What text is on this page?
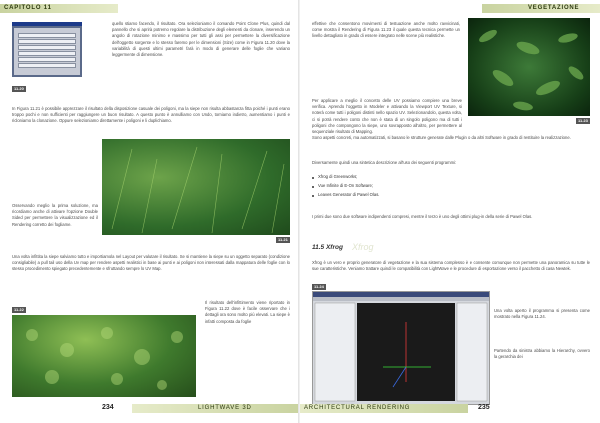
CAPITOLO 11
11.20

quello stiamo facendo, il risultato. Ora selezioniamo il comando Point Clone Plus, quindi dal pannello che si aprirà potremo regolare la distribuzione degli elementi da clonare, inserendo un angolo di rotazione minimo e massimo per tutti gli assi per permettere la diversificazione dell'oggetto sorgente e lo stesso faremo per le dimensioni (Size) come in Figura 11.20 dove la variabilità di questi ultimi parametri farà in modo di generare delle foglie che variano leggermente di dimensione.

In Figura 11.21 è possibile apprezzare il risultato della disposizione casuale dei poligoni, ma la siepe non risulta abbastanza fitta poiché i punti erano troppo pochi e non sufficienti per raggiungere un buon risultato. A questo punto è annulliamo con Undo, torniamo indietro, aumentiamo i punti e ricloniamo la clonazione. Oppure selezioniamo direttamente i poligoni e li duplichiamo.

11.21

Osservando meglio la prima soluzione, ma ricordiamo anche di attivare l'opzione Double Sided per permettere la visualizzazione ed il Rendering corretto dei fogliame.

Una volta infittita la siepe salviamo tutto e importiamola nel Layout per valutare il risultato. Se si mantiene la siepe su un oggetto separato (condizione consigliabile) a pull tail uso della Uv map per rendere aspetti realistici in base ai punti e ai poligoni non interessati dalla mappatura delle foglie con lo stesso procedimento spiegato precedentemente e sfruttando sempre lo UV Map.

11.22

Il risultato dell'infittimento viene riportato in Figura 11.22 dove è facile osservare che i dettagli ora sono molto più elevati. La siepe è infatti composta da foglie

234	LIGHTWAVE 3D
VEGETAZIONE

effettive che consentono movimenti di testuazione anche molto ravvicinati, come mostra il Rendering di Figura 11.23 il quale questa tecnica permette un livello dettagliato in grado di essere integrato nelle scene più realistiche.

11.23

Per applicare a meglio il concetto delle UV possiamo compiere una breve verifica. Aprendo l'oggetto in Modeler e attivando la Viewport UV Texture, si noterà come tutti i poligoni distinti nello spazio UV. Selezionandolo, questa volta, ci si potrà rendere conto che non è stata di un singolo poligono ma di tutti i poligoni che compongono la siepe, uno sovrapposto all'altro, per permettere al sequenziale risultato di Mapping.

Sono aspetti concreti, ma automatizzati, si basano le strutture generate dalle Plugin o da altri Software in grado di restituire la realizzazione.

Diversamente quindi una sintetica descrizione all'uso dei seguenti programmi:

Xfrog di Greenworks;

Vue Infinite di E-On Software;

Leaves Generator di Pawel Olas.

I primi due sono due software indipendenti compresi, mentre il terzo è uno degli ottimi plug-in della serie di Pawel Olas.

Xfrog
11.5 Xfrog

Xfrog è un vero e proprio generatore di vegetazione e la sua sistema complesso è e consente comunque non permette una panoramica su tutte le sue caratteristiche. Veniamo trattare quindi le compatibilità con LightWave e le procedure di esportazione verso il pacchetto di casa Newtek.

11.24

Una volta aperto il programma si presenta come mostrato nella Figura 11.24.

Partendo da sinistra abbiamo la Hierarchy, ovvero la gerarchia dei

ARCHITECTURAL RENDERING	235
